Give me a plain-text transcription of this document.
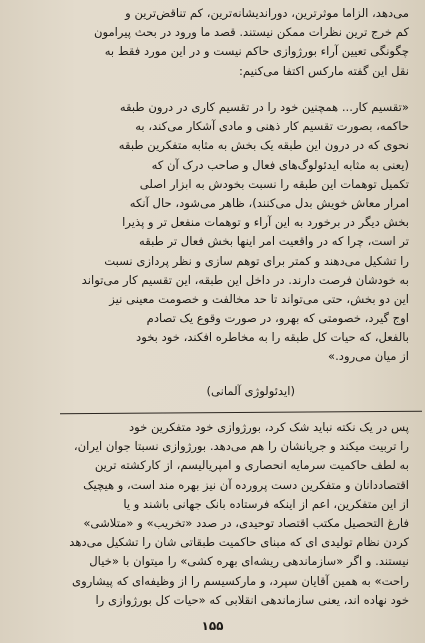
می‌دهد، الزاما موثرترین، دوراندیشانه‌ترین، کم تناقض‌ترین و
کم خرج ترین نظرات ممکن نیستند. قصد ما ورود در بحث پیرامون
چگونگی تعیین آراء بورژوازی حاکم نیست و در این مورد فقط به
نقل این گفته مارکس اکتفا می‌کنیم:
«تقسیم کار... همچنین خود را در تقسیم کاری در درون طبقه
حاکمه، بصورت تقسیم کار ذهنی و مادی آشکار می‌کند، به
نحوی که در درون این طبقه یک بخش به مثابه متفکرین طبقه
(یعنی به مثابه ایدئولوگ‌های فعال و صاحب درک آن که
تکمیل توهمات این طبقه را نسبت بخودش به ابزار اصلی
امرار معاش خویش بدل می‌کنند)، ظاهر می‌شود، حال آنکه
بخش دیگر در برخورد به این آراء و توهمات منفعل تر و پذیرا
تر است، چرا که در واقعیت امر اینها بخش فعال تر طبقه
را تشکیل می‌دهند و کمتر برای توهم سازی و نظر پردازی نسبت
به خودشان فرصت دارند. در داخل این طبقه، این تقسیم کار می‌تواند
این دو بخش، حتی می‌تواند تا حد مخالفت و خصومت معینی نیز
اوج گیرد، خصومتی که بهرو، در صورت وقوع یک تصادم
بالفعل، که حیات کل طبقه را به مخاطره افکند، خود بخود
از میان می‌رود.»
(ایدئولوژی آلمانی)
پس در یک نکته نباید شک کرد، بورژوازی خود متفکرین خود
را تربیت میکند و جریانشان را هم می‌دهد. بورژوازی نسبتا جوان ایران،
به لطف حاکمیت سرمایه انحصاری و امپریالیسم، از کارکشته ترین
اقتصاددانان و متفکرین دست پرورده آن نیز بهره مند است، و هیچیک
از این متفکرین، اعم از اینکه فرستاده بانک جهانی باشند و یا
فارغ التحصیل مکتب اقتصاد توحیدی، در صدد «تخریب» و «متلاشی»
کردن نظام تولیدی ای که مبنای حاکمیت طبقاتی شان را تشکیل می‌دهد
نیستند. و اگر «سازماندهی ریشه‌ای بهره کشی» را میتوان با «خیال
راحت» به همین آقایان سپرد، و مارکسیسم را از وظیفه‌ای که پیشاروی
خود نهاده اند، یعنی سازماندهی انقلابی که «حیات کل بورژوازی را
۱۵۵
